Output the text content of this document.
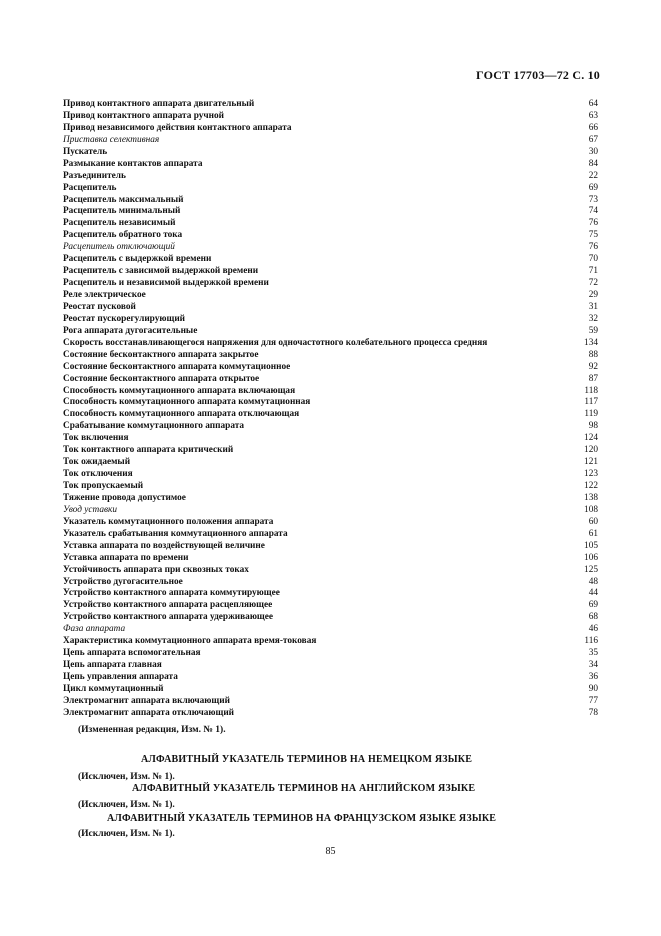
ГОСТ 17703—72 С. 10
Привод контактного аппарата двигательный	64
Привод контактного аппарата ручной	63
Привод независимого действия контактного аппарата	66
Приставка селективная	67
Пускатель	30
Размыкание контактов аппарата	84
Разъединитель	22
Расцепитель	69
Расцепитель максимальный	73
Расцепитель минимальный	74
Расцепитель независимый	76
Расцепитель обратного тока	75
Расцепитель отключающий	76
Расцепитель с выдержкой времени	70
Расцепитель с зависимой выдержкой времени	71
Расцепитель и независимой выдержкой времени	72
Реле электрическое	29
Реостат пусковой	31
Реостат пускорегулирующий	32
Рога аппарата дугогасительные	59
Скорость восстанавливающегося напряжения для одночастотного колебательного процесса средняя	134
Состояние бесконтактного аппарата закрытое	88
Состояние бесконтактного аппарата коммутационное	92
Состояние бесконтактного аппарата открытое	87
Способность коммутационного аппарата включающая	118
Способность коммутационного аппарата коммутационная	117
Способность коммутационного аппарата отключающая	119
Срабатывание коммутационного аппарата	98
Ток включения	124
Ток контактного аппарата критический	120
Ток ожидаемый	121
Ток отключения	123
Ток пропускаемый	122
Тяжение провода допустимое	138
Увод уставки	108
Указатель коммутационного положения аппарата	60
Указатель срабатывания коммутационного аппарата	61
Уставка аппарата по воздействующей величине	105
Уставка аппарата по времени	106
Устойчивость аппарата при сквозных токах	125
Устройство дугогасительное	48
Устройство контактного аппарата коммутирующее	44
Устройство контактного аппарата расцепляющее	69
Устройство контактного аппарата удерживающее	68
Фаза аппарата	46
Характеристика коммутационного аппарата время-токовая	116
Цепь аппарата вспомогательная	35
Цепь аппарата главная	34
Цепь управления аппарата	36
Цикл коммутационный	90
Электромагнит аппарата включающий	77
Электромагнит аппарата отключающий	78
(Измененная редакция, Изм. № 1).
АЛФАВИТНЫЙ УКАЗАТЕЛЬ ТЕРМИНОВ НА НЕМЕЦКОМ ЯЗЫКЕ
(Исключен, Изм. № 1).
АЛФАВИТНЫЙ УКАЗАТЕЛЬ ТЕРМИНОВ НА АНГЛИЙСКОМ ЯЗЫКЕ
(Исключен, Изм. № 1).
АЛФАВИТНЫЙ УКАЗАТЕЛЬ ТЕРМИНОВ НА ФРАНЦУЗСКОМ ЯЗЫКЕ ЯЗЫКЕ
(Исключен, Изм. № 1).
85
